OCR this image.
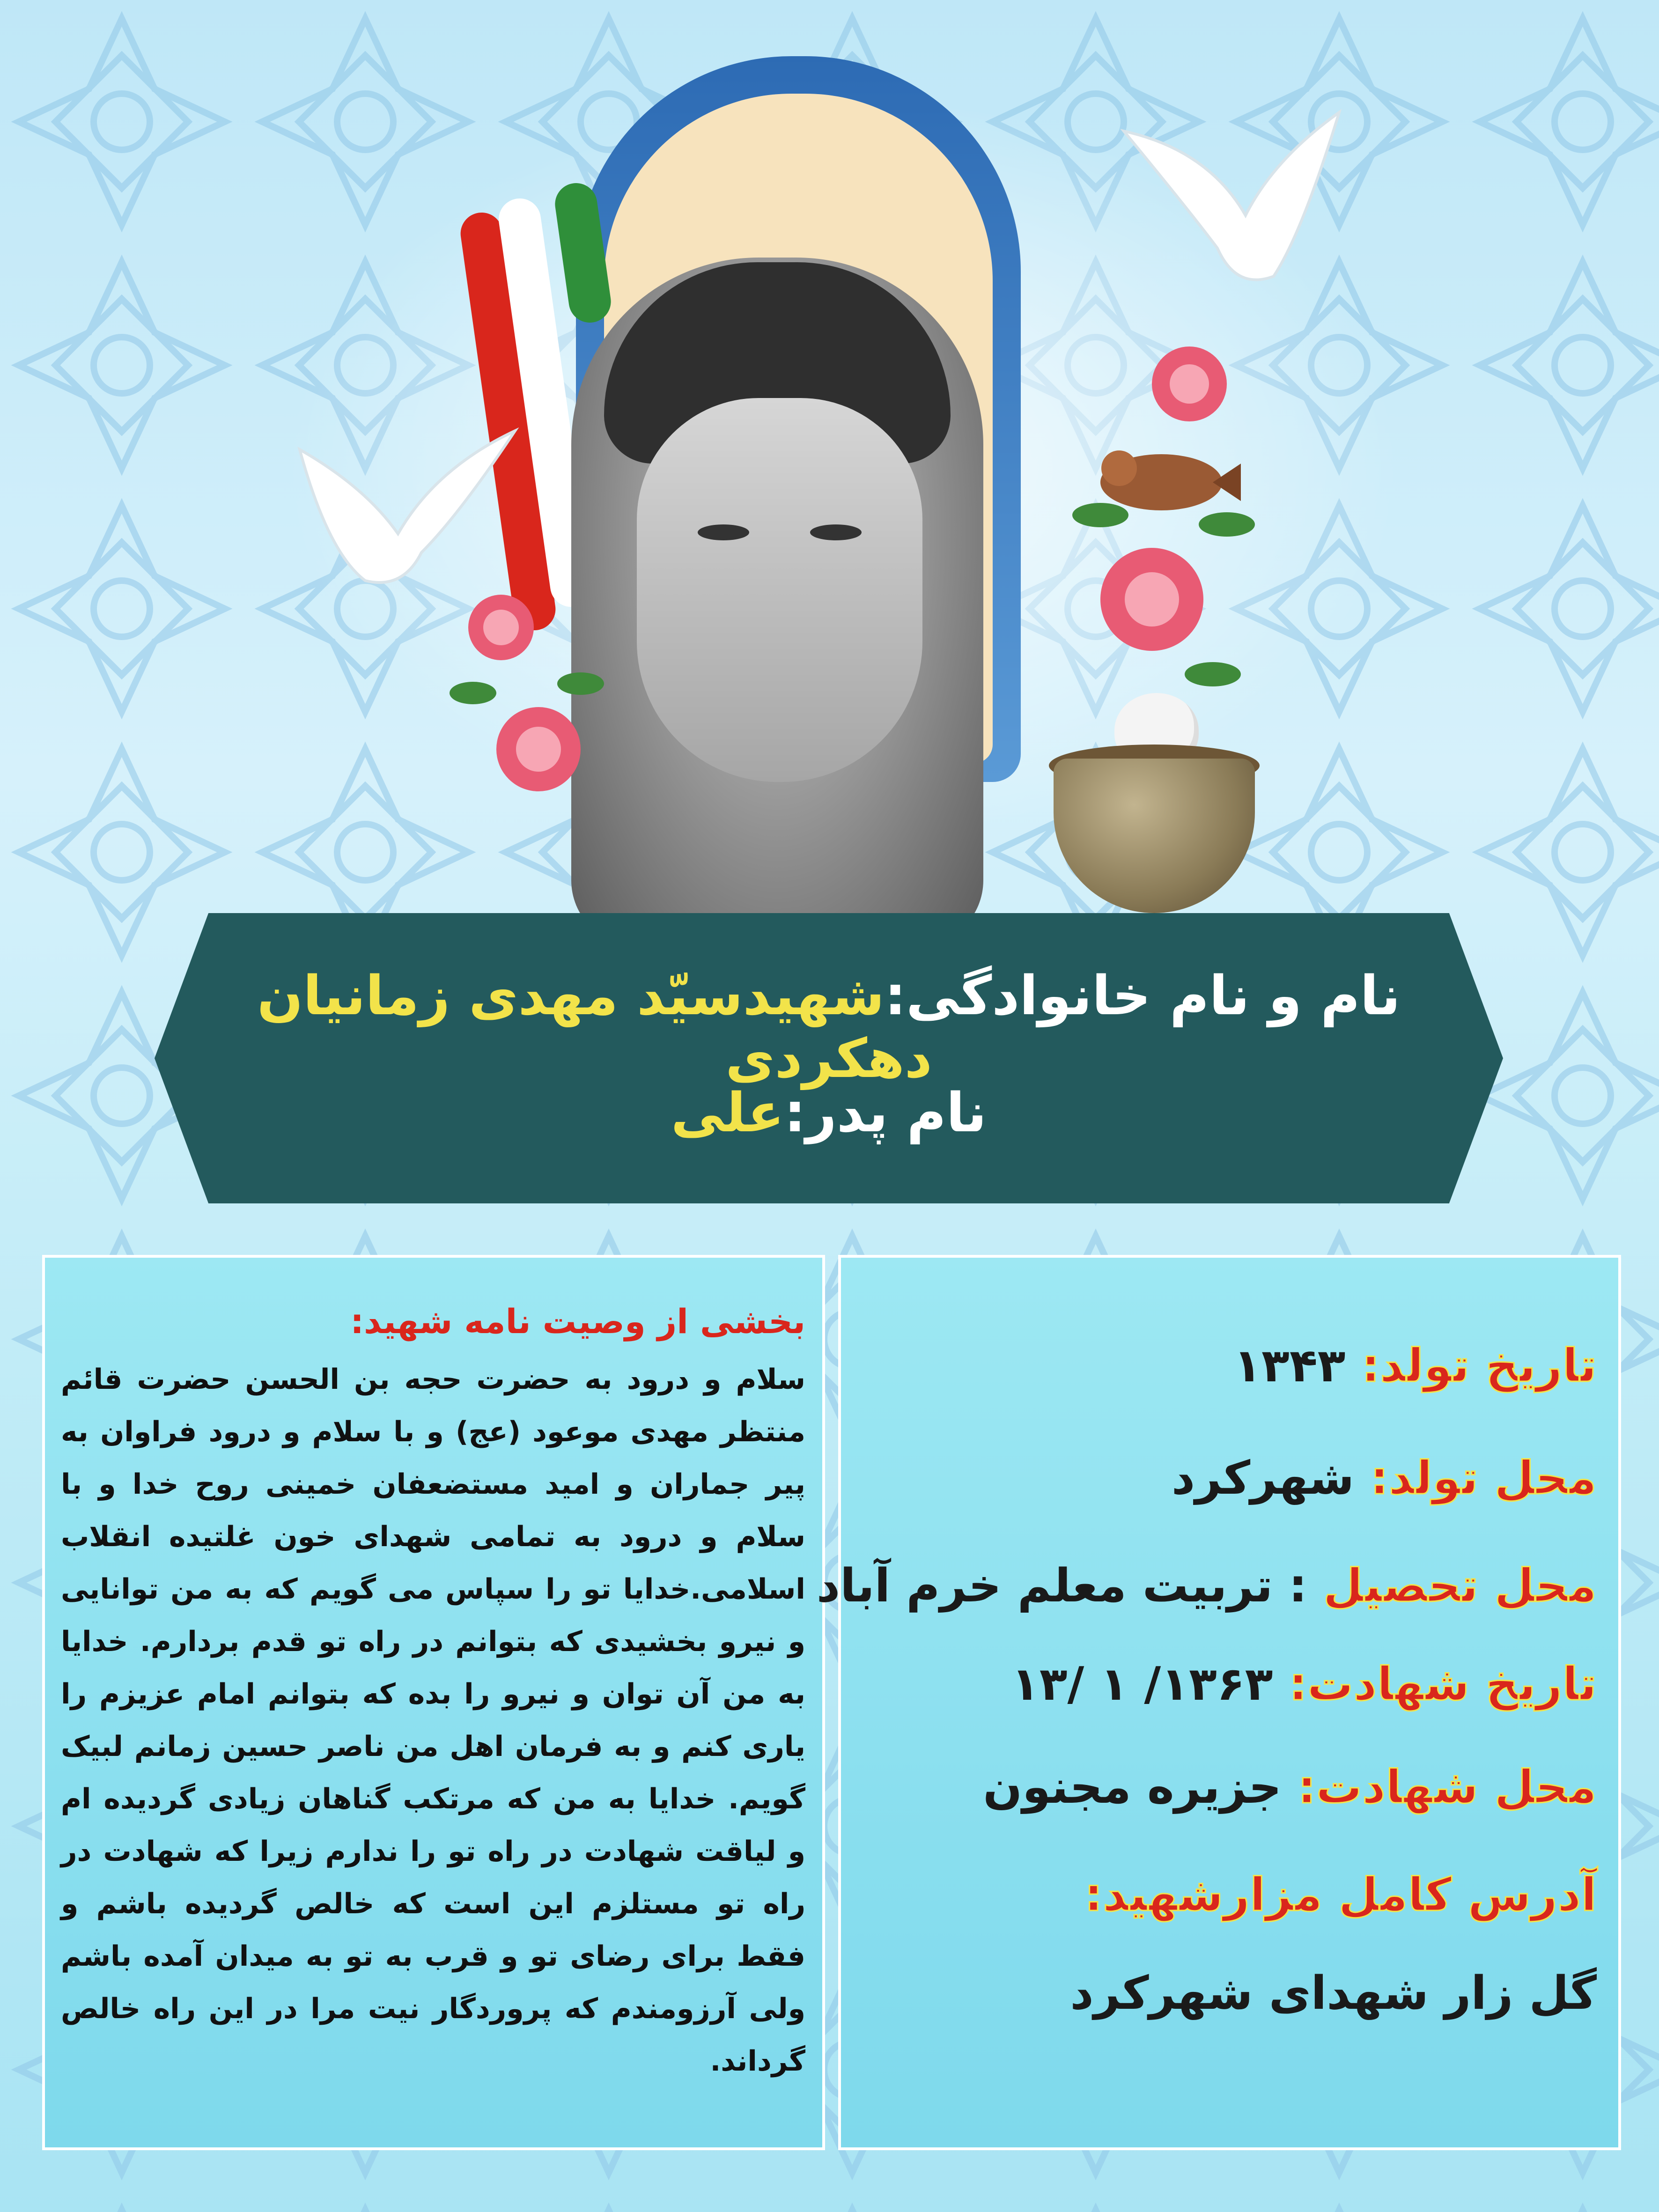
نام و نام خانوادگی:شهیدسیّد مهدی زمانیان دهکردی
نام پدر:علی
بخشی از وصیت نامه شهید:
سلام و درود به حضرت حجه بن الحسن حضرت قائم منتظر مهدی موعود (عج) و با سلام و درود فراوان به پیر جماران و امید مستضعفان خمینی روح خدا و با سلام و درود به تمامی شهدای خون غلتیده انقلاب اسلامی.خدایا تو را سپاس می گویم که به من توانایی و نیرو بخشیدی که بتوانم در راه تو قدم بردارم. خدایا به من آن توان و نیرو را بده که بتوانم امام عزیزم را یاری کنم و به فرمان اهل من ناصر حسین زمانم لبیک گویم. خدایا به من که مرتکب گناهان زیادی گردیده ام و لیاقت شهادت در راه تو را ندارم زیرا که شهادت در راه تو مستلزم این است که خالص گردیده باشم و فقط برای رضای تو و قرب به تو به میدان آمده باشم ولی آرزومندم که پروردگار نیت مرا در این راه خالص گرداند.
تاریخ تولد: ۱۳۴۳
محل تولد: شهرکرد
محل تحصیل : تربیت معلم خرم آباد
تاریخ شهادت: ۱۳۶۳/ ۱ /۱۳
محل شهادت: جزیره مجنون
آدرس کامل مزارشهید:
گل زار شهدای شهرکرد
